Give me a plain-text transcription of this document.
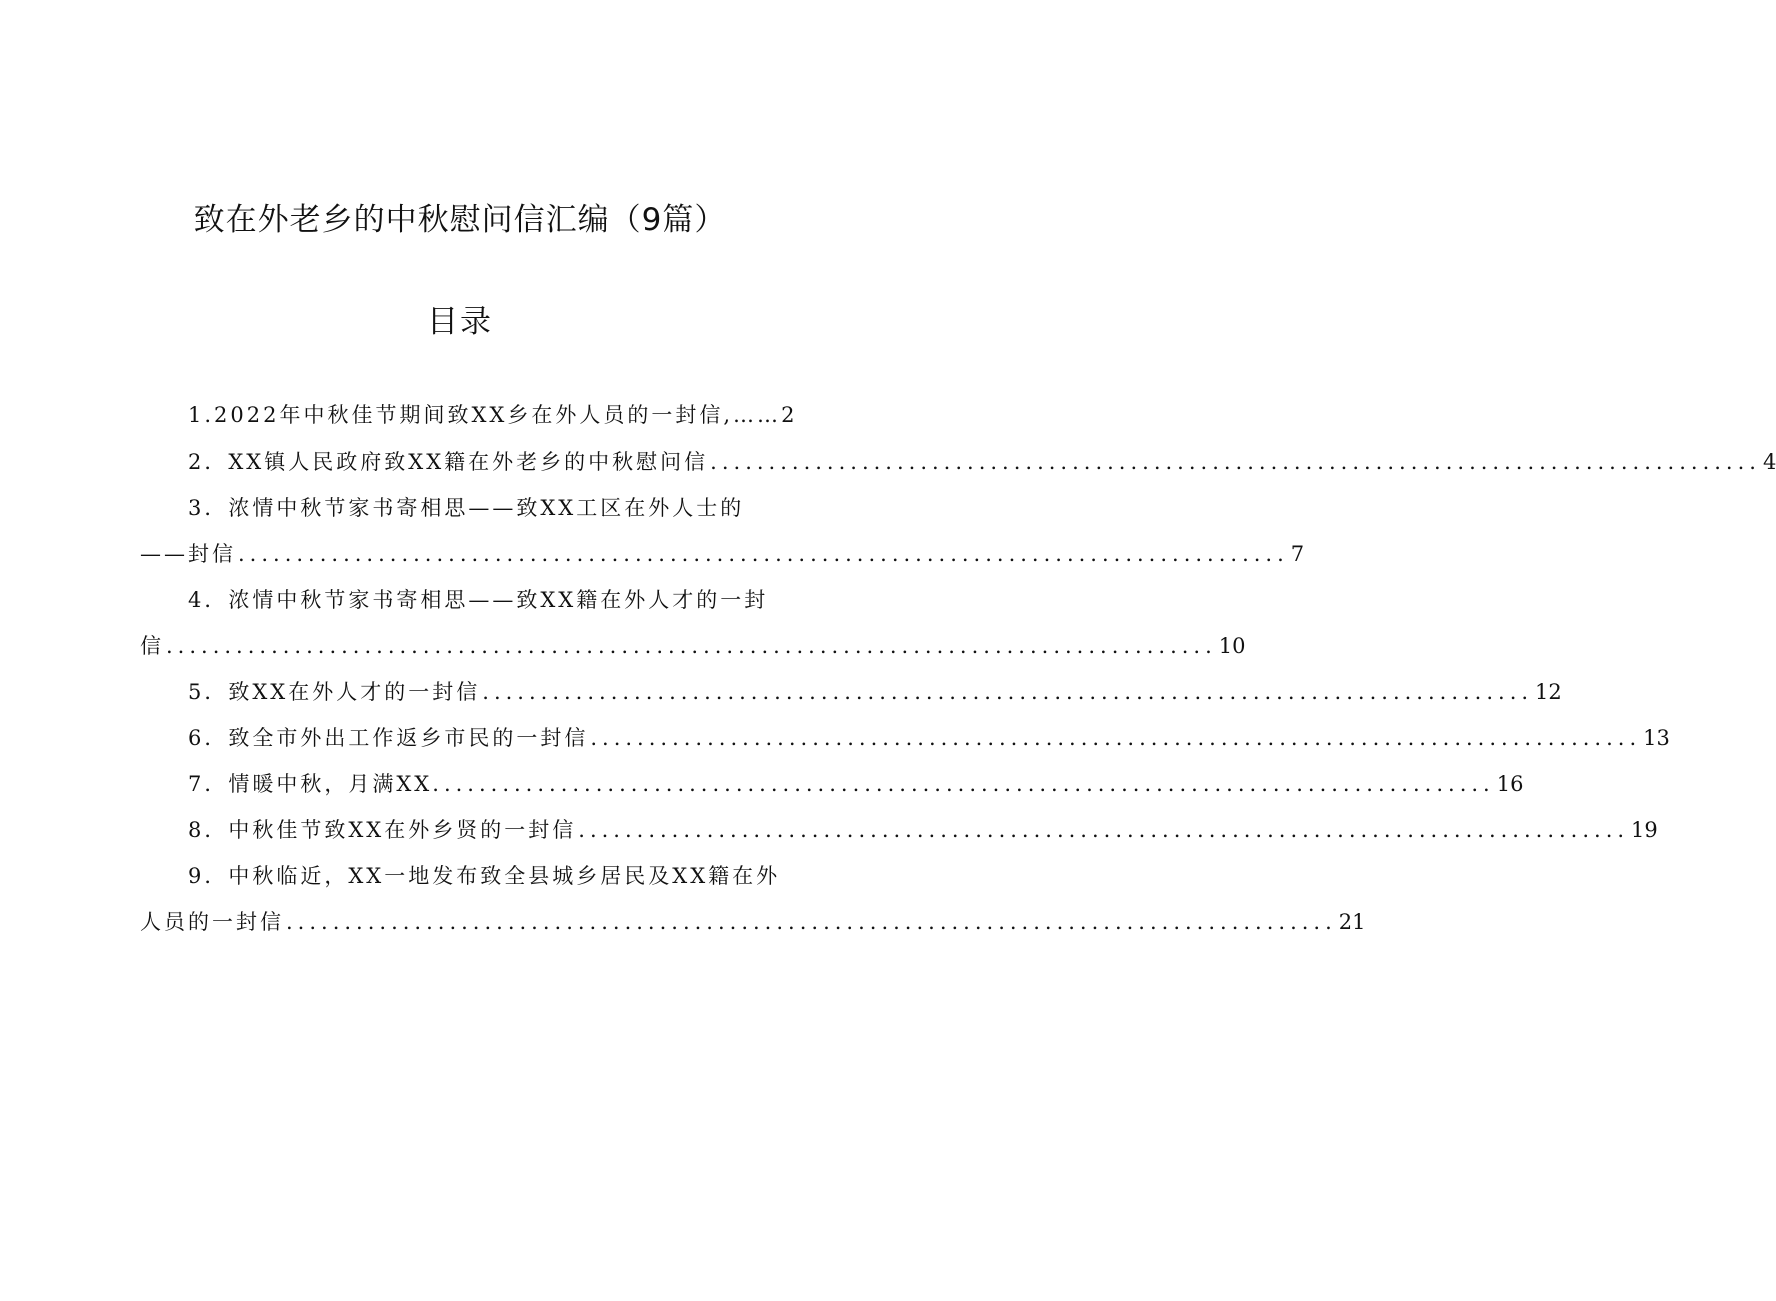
致在外老乡的中秋慰问信汇编（9篇）
目录
1.2022年中秋佳节期间致XX乡在外人员的一封信,…… 2
2．XX镇人民政府致XX籍在外老乡的中秋慰问信 .......................................................................................... 4
3．浓情中秋节家书寄相思——致XX工区在外人士的
——封信 .......................................................................................... 7
4．浓情中秋节家书寄相思——致XX籍在外人才的一封
信 .......................................................................................... 10
5．致XX在外人才的一封信 .......................................................................................... 12
6．致全市外出工作返乡市民的一封信 .......................................................................................... 13
7．情暖中秋，月满XX. .......................................................................................... 16
8．中秋佳节致XX在外乡贤的一封信 .......................................................................................... 19
9．中秋临近，XX一地发布致全县城乡居民及XX籍在外
人员的一封信 .......................................................................................... 21
